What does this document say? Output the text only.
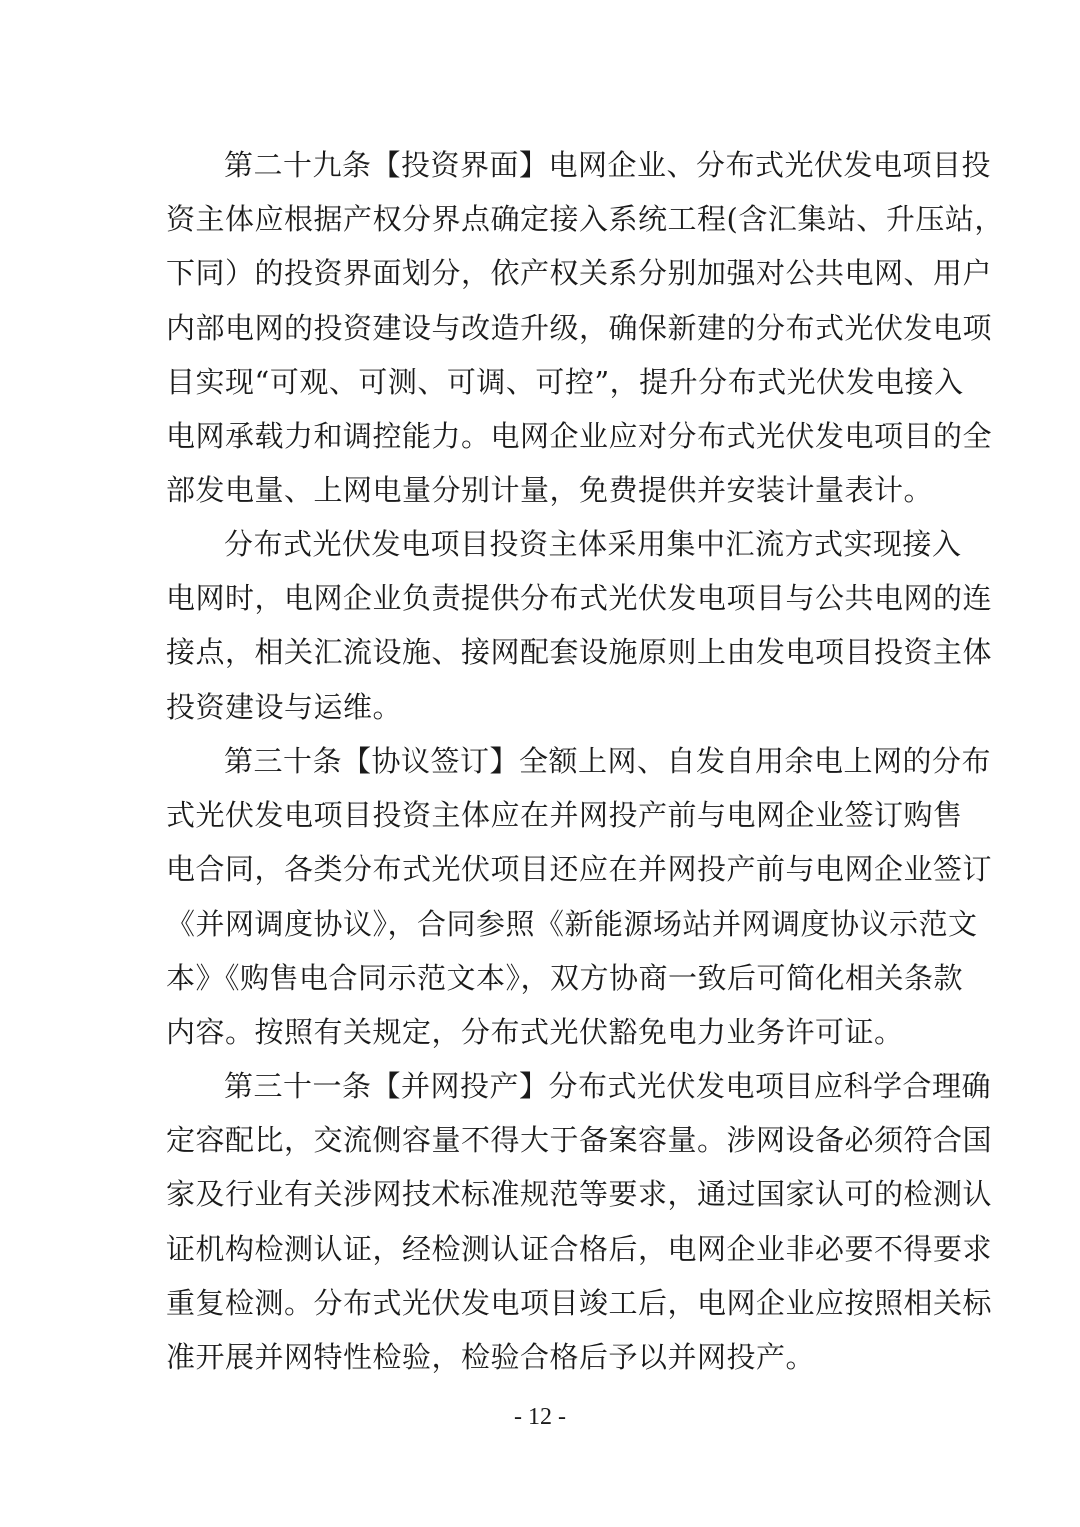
第二十九条【投资界面】电网企业、分布式光伏发电项目投
资主体应根据产权分界点确定接入系统工程(含汇集站、升压站，
下同）的投资界面划分，依产权关系分别加强对公共电网、用户
内部电网的投资建设与改造升级，确保新建的分布式光伏发电项
目实现“可观、可测、可调、可控”，提升分布式光伏发电接入
电网承载力和调控能力。电网企业应对分布式光伏发电项目的全
部发电量、上网电量分别计量，免费提供并安装计量表计。
分布式光伏发电项目投资主体采用集中汇流方式实现接入
电网时，电网企业负责提供分布式光伏发电项目与公共电网的连
接点，相关汇流设施、接网配套设施原则上由发电项目投资主体
投资建设与运维。
第三十条【协议签订】全额上网、自发自用余电上网的分布
式光伏发电项目投资主体应在并网投产前与电网企业签订购售
电合同，各类分布式光伏项目还应在并网投产前与电网企业签订
《并网调度协议》，合同参照《新能源场站并网调度协议示范文
本》《购售电合同示范文本》，双方协商一致后可简化相关条款
内容。按照有关规定，分布式光伏豁免电力业务许可证。
第三十一条【并网投产】分布式光伏发电项目应科学合理确
定容配比，交流侧容量不得大于备案容量。涉网设备必须符合国
家及行业有关涉网技术标准规范等要求，通过国家认可的检测认
证机构检测认证，经检测认证合格后，电网企业非必要不得要求
重复检测。分布式光伏发电项目竣工后，电网企业应按照相关标
准开展并网特性检验，检验合格后予以并网投产。
- 12 -
